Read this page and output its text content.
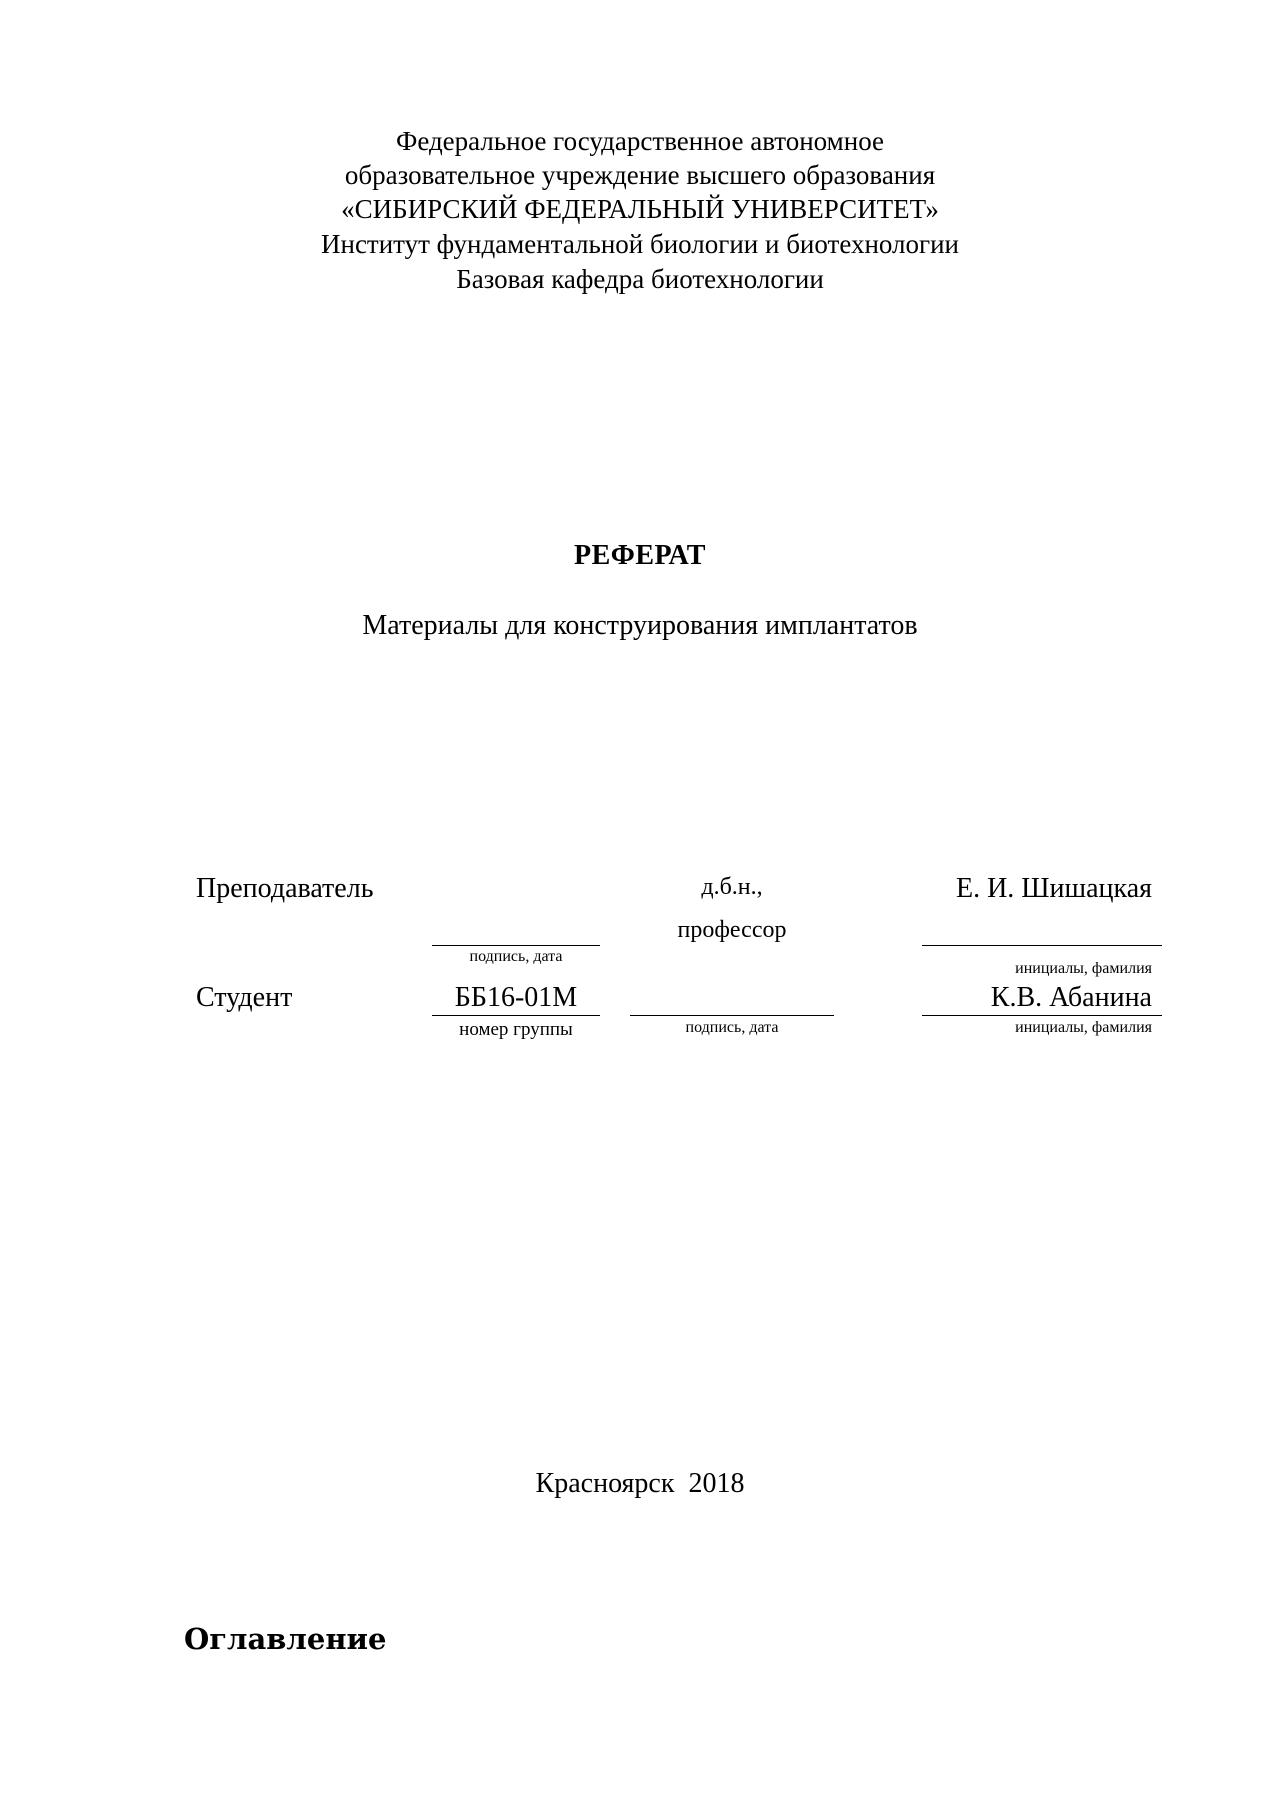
Федеральное государственное автономное
образовательное учреждение высшего образования
«СИБИРСКИЙ ФЕДЕРАЛЬНЫЙ УНИВЕРСИТЕТ»
Институт фундаментальной биологии и биотехнологии
Базовая кафедра биотехнологии
РЕФЕРАТ
Материалы для конструирования имплантатов
Преподаватель
подпись, дата
д.б.н.,
профессор
Е. И. Шишацкая
инициалы, фамилия
Студент	ББ16-01М
номер группы	подпись, дата
К.В. Абанина
инициалы, фамилия
Красноярск  2018
Оглавление
